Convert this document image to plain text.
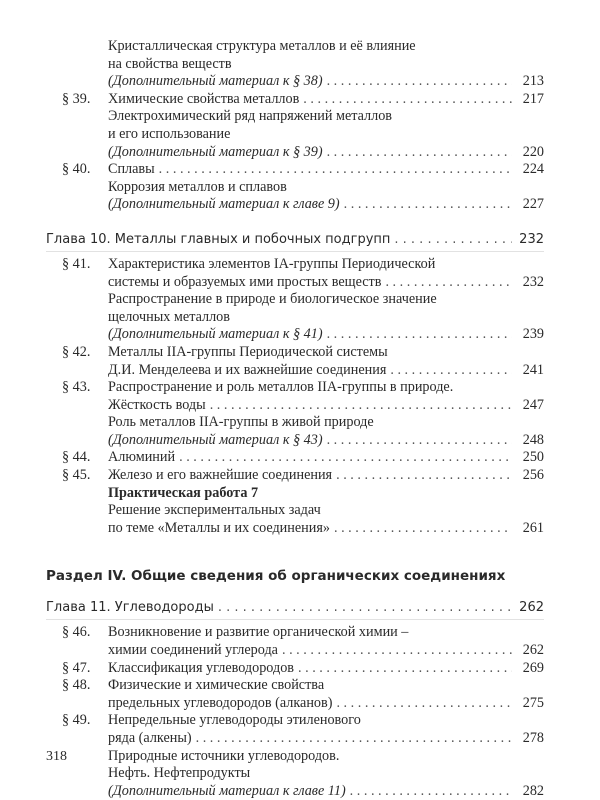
Кристаллическая структура металлов и её влияние
на свойства веществ
(Дополнительный материал к § 38) . . .	213
§ 39.	Химические свойства металлов . . .	217
Электрохимический ряд напряжений металлов
и его использование
(Дополнительный материал к § 39) . . .	220
§ 40.	Сплавы . . .	224
Коррозия металлов и сплавов
(Дополнительный материал к главе 9) . . .	227
Глава 10. Металлы главных и побочных подгрупп . . .	232
§ 41.	Характеристика элементов IA-группы Периодической
системы и образуемых ими простых веществ . . .	232
Распространение в природе и биологическое значение
щелочных металлов
(Дополнительный материал к § 41) . . .	239
§ 42.	Металлы IIA-группы Периодической системы
Д.И. Менделеева и их важнейшие соединения . . .	241
§ 43.	Распространение и роль металлов IIA-группы в природе.
Жёсткость воды . . .	247
Роль металлов IIA-группы в живой природе
(Дополнительный материал к § 43) . . .	248
§ 44.	Алюминий . . .	250
§ 45.	Железо и его важнейшие соединения . . .	256
Практическая работа 7
Решение экспериментальных задач
по теме «Металлы и их соединения» . . .	261
Раздел IV. Общие сведения об органических соединениях
Глава 11. Углеводороды . . .	262
§ 46.	Возникновение и развитие органической химии –
химии соединений углерода . . .	262
§ 47.	Классификация углеводородов . . .	269
§ 48.	Физические и химические свойства
предельных углеводородов (алканов) . . .	275
§ 49.	Непредельные углеводороды этиленового
ряда (алкены) . . .	278
Природные источники углеводородов.
Нефть. Нефтепродукты
(Дополнительный материал к главе 11) . . .	282
318
